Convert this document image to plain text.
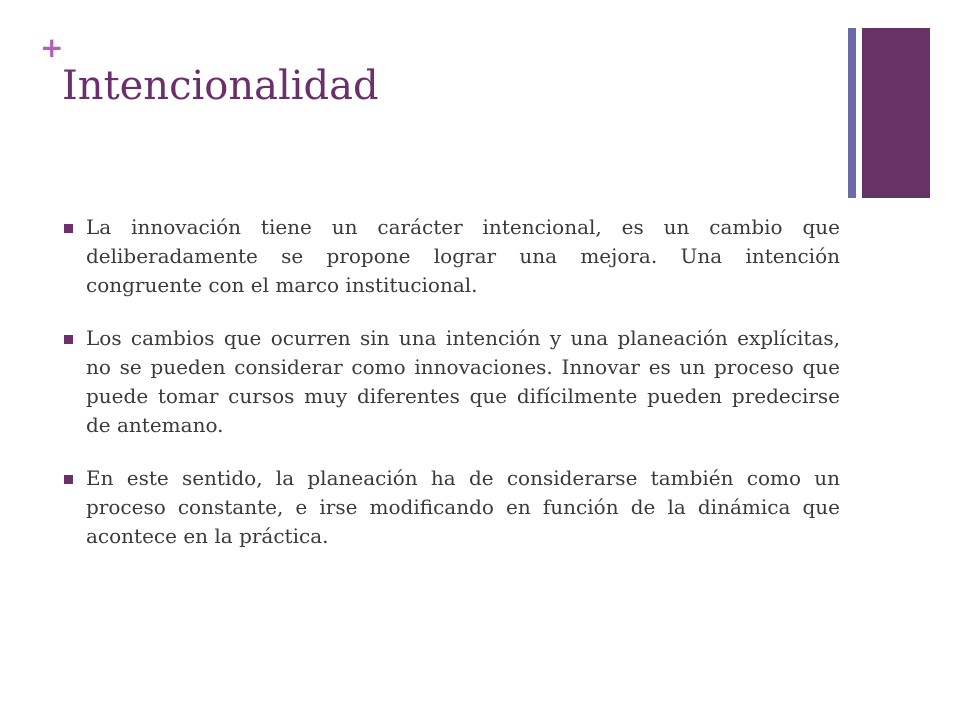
+
Intencionalidad
La innovación tiene un carácter intencional, es un cambio que deliberadamente se propone lograr una mejora. Una intención congruente con el marco institucional.
Los cambios que ocurren sin una intención y una planeación explícitas, no se pueden considerar como innovaciones. Innovar es un proceso que puede tomar cursos muy diferentes que difícilmente pueden predecirse de antemano.
En este sentido, la planeación ha de considerarse también como un proceso constante, e irse modificando en función de la dinámica que acontece en la práctica.
